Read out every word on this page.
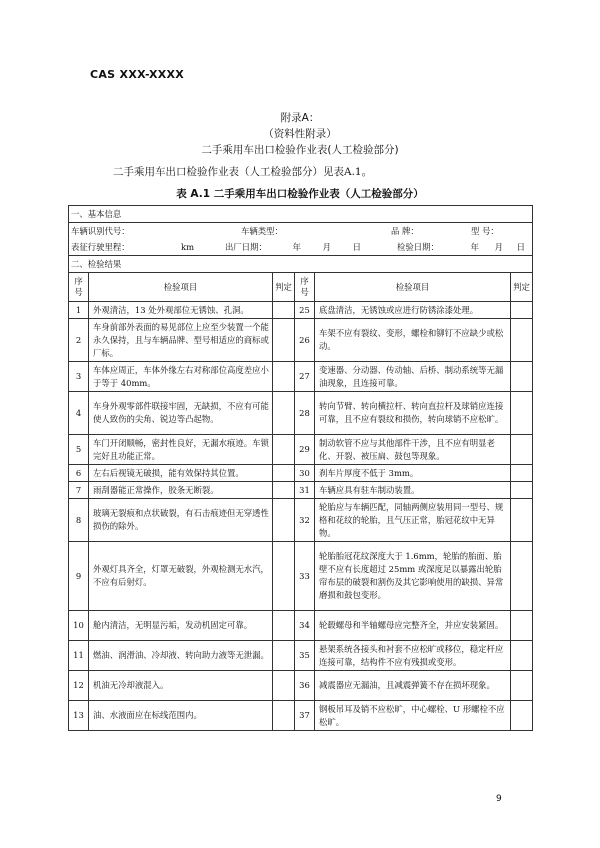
CAS XXX-XXXX
附录A：
（资料性附录）
二手乘用车出口检验作业表(人工检验部分)
二手乘用车出口检验作业表（人工检验部分）见表A.1。
表 A.1 二手乘用车出口检验作业表（人工检验部分）
一、基本信息					
车辆识别代号： 车辆类型： 品 牌： 型 号：					
表征行驶里程： km 出厂日期： 年 月 日 检验日期： 年 月 日					
二、检验结果					
序号	检验项目	判定	序号	检验项目	判定
1	外观清洁，13 处外观部位无锈蚀、孔洞。		25	底盘清洁，无锈蚀或应进行防锈涂漆处理。	
2	车身前部外表面的易见部位上应至少装置一个能永久保持，且与车辆品牌、型号相适应的商标或厂标。		26	车架不应有裂纹、变形，螺栓和铆钉不应缺少或松动。	
3	车体应周正，车体外缘左右对称部位高度差应小于等于 40mm。		27	变速器、分动器、传动轴、后桥、制动系统等无漏油现象，且连接可靠。	
4	车身外观零部件联接牢固，无缺损，不应有可能使人致伤的尖角、锐边等凸起物。		28	转向节臂、转向横拉杆、转向直拉杆及球销应连接可靠，且不应有裂纹和损伤，转向球销不应松旷。	
5	车门开闭顺畅，密封性良好，无漏水痕迹。车锁完好且功能正常。		29	制动软管不应与其他部件干涉，且不应有明显老化、开裂、被压扁、鼓包等现象。	
6	左右后视镜无破损，能有效保持其位置。		30	刹车片厚度不低于 3mm。	
7	雨刮器能正常操作，胶条无断裂。		31	车辆应具有驻车制动装置。	
8	玻璃无裂痕和点状破裂，有石击痕迹但无穿透性损伤的除外。		32	轮胎应与车辆匹配，同轴两侧应装用同一型号、规格和花纹的轮胎，且气压正常，胎冠花纹中无异物。	
9	外观灯具齐全，灯罩无破裂，外观检测无水汽，不应有后射灯。		33	轮胎胎冠花纹深度大于 1.6mm，轮胎的胎面、胎壁不应有长度超过 25mm 或深度足以暴露出轮胎帘布层的破裂和割伤及其它影响使用的缺损、异常磨损和鼓包变形。	
10	舱内清洁，无明显污垢，发动机固定可靠。		34	轮毂螺母和半轴螺母应完整齐全，并应安装紧固。	
11	燃油、润滑油、冷却液、转向助力液等无泄漏。		35	悬架系统各接头和衬套不应松旷或移位，稳定杆应连接可靠，结构件不应有残损或变形。	
12	机油无冷却液混入。		36	减震器应无漏油，且减震弹簧不存在损坏现象。	
13	油、水液面应在标线范围内。		37	钢板吊耳及销不应松旷，中心螺栓、U 形螺栓不应松旷。	
9
